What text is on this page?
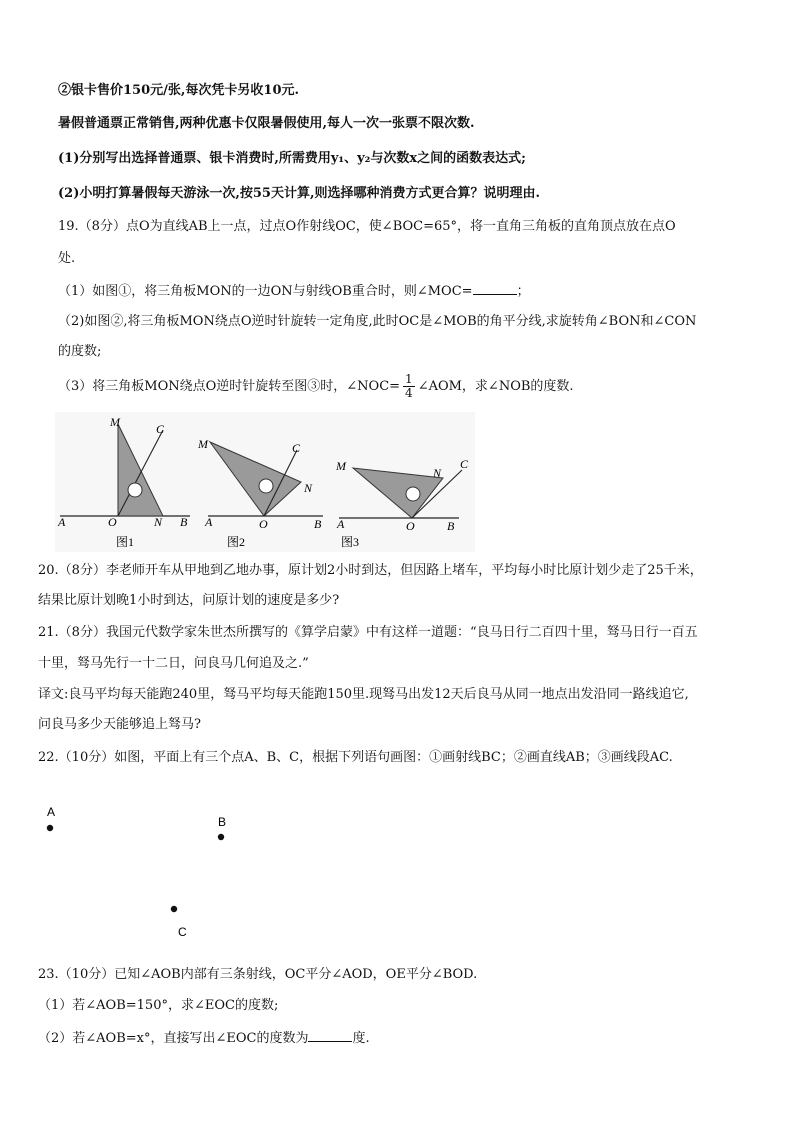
②银卡售价150元/张,每次凭卡另收10元.
暑假普通票正常销售,两种优惠卡仅限暑假使用,每人一次一张票不限次数.
(1)分别写出选择普通票、银卡消费时,所需费用y₁、y₂与次数x之间的函数表达式;
(2)小明打算暑假每天游泳一次,按55天计算,则选择哪种消费方式更合算？说明理由.
19.（8分）点O为直线AB上一点，过点O作射线OC，使∠BOC=65°，将一直角三角板的直角顶点放在点O
处.
（1）如图①，将三角板MON的一边ON与射线OB重合时，则∠MOC=	；
（2)如图②,将三角板MON绕点O逆时针旋转一定角度,此时OC是∠MOB的角平分线,求旋转角∠BON和∠CON
的度数;
（3）将三角板MON绕点O逆时针旋转至图③时，∠NOC= $\frac{1}{4}$ ∠AOM，求∠NOB的度数.
M	C
A	O	N B
图1
M	C
N
A	O	B
图2
M	N
C
A	O	B
图3
20.（8分）李老师开车从甲地到乙地办事，原计划2小时到达，但因路上堵车，平均每小时比原计划少走了25千米，
结果比原计划晚1小时到达，问原计划的速度是多少?
21.（8分）我国元代数学家朱世杰所撰写的《算学启蒙》中有这样一道题：“良马日行二百四十里，驽马日行一百五
十里，驽马先行一十二日，问良马几何追及之.”
译文:良马平均每天能跑240里，驽马平均每天能跑150里.现驽马出发12天后良马从同一地点出发沿同一路线追它,
问良马多少天能够追上驽马?
22.（10分）如图，平面上有三个点A、B、C，根据下列语句画图：①画射线BC；②画直线AB；③画线段AC.
A
B
C
23.（10分）已知∠AOB内部有三条射线，OC平分∠AOD，OE平分∠BOD.
（1）若∠AOB=150°，求∠EOC的度数;
（2）若∠AOB=x°，直接写出∠EOC的度数为	度.
